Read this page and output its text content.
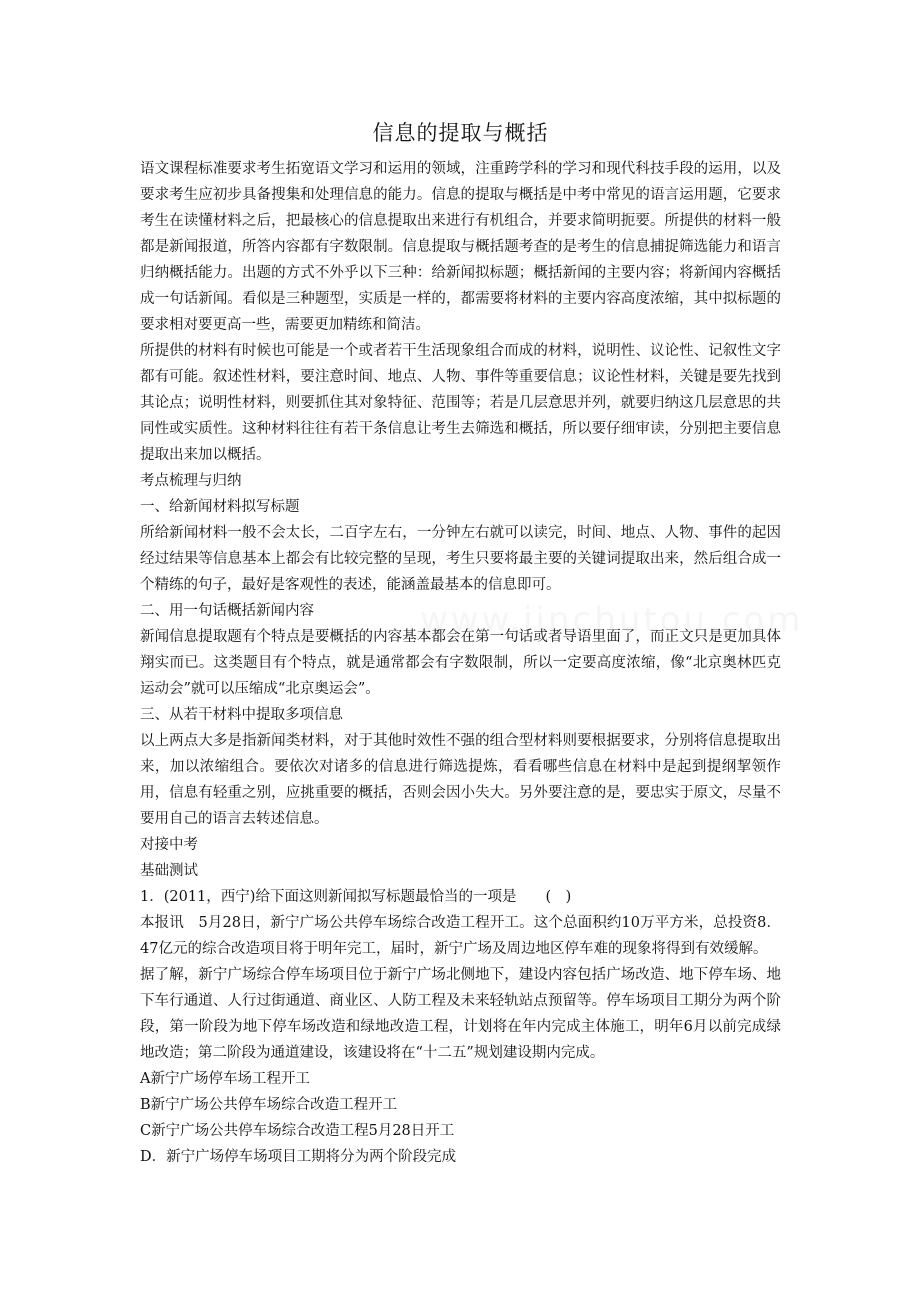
信息的提取与概括

语文课程标准要求考生拓宽语文学习和运用的领域，注重跨学科的学习和现代科技手段的运用，以及要求考生应初步具备搜集和处理信息的能力。信息的提取与概括是中考中常见的语言运用题，它要求考生在读懂材料之后，把最核心的信息提取出来进行有机组合，并要求简明扼要。所提供的材料一般都是新闻报道，所答内容都有字数限制。信息提取与概括题考查的是考生的信息捕捉筛选能力和语言归纳概括能力。出题的方式不外乎以下三种：给新闻拟标题；概括新闻的主要内容；将新闻内容概括成一句话新闻。看似是三种题型，实质是一样的，都需要将材料的主要内容高度浓缩，其中拟标题的要求相对要更高一些，需要更加精练和简洁。

所提供的材料有时候也可能是一个或者若干生活现象组合而成的材料，说明性、议论性、记叙性文字都有可能。叙述性材料，要注意时间、地点、人物、事件等重要信息；议论性材料，关键是要先找到其论点；说明性材料，则要抓住其对象特征、范围等；若是几层意思并列，就要归纳这几层意思的共同性或实质性。这种材料往往有若干条信息让考生去筛选和概括，所以要仔细审读，分别把主要信息提取出来加以概括。

考点梳理与归纳

一、给新闻材料拟写标题

所给新闻材料一般不会太长，二百字左右，一分钟左右就可以读完，时间、地点、人物、事件的起因经过结果等信息基本上都会有比较完整的呈现，考生只要将最主要的关键词提取出来，然后组合成一个精练的句子，最好是客观性的表述，能涵盖最基本的信息即可。

二、用一句话概括新闻内容

新闻信息提取题有个特点是要概括的内容基本都会在第一句话或者导语里面了，而正文只是更加具体翔实而已。这类题目有个特点，就是通常都会有字数限制，所以一定要高度浓缩，像“北京奥林匹克运动会”就可以压缩成“北京奥运会”。

三、从若干材料中提取多项信息

以上两点大多是指新闻类材料，对于其他时效性不强的组合型材料则要根据要求，分别将信息提取出来，加以浓缩组合。要依次对诸多的信息进行筛选提炼，看看哪些信息在材料中是起到提纲挈领作用，信息有轻重之别，应挑重要的概括，否则会因小失大。另外要注意的是，要忠实于原文，尽量不要用自己的语言去转述信息。

对接中考

基础测试

1．(2011，西宁)给下面这则新闻拟写标题最恰当的一项是　　(　)

本报讯　5月28日，新宁广场公共停车场综合改造工程开工。这个总面积约10万平方米，总投资8．47亿元的综合改造项目将于明年完工，届时，新宁广场及周边地区停车难的现象将得到有效缓解。

据了解，新宁广场综合停车场项目位于新宁广场北侧地下，建设内容包括广场改造、地下停车场、地下车行通道、人行过街通道、商业区、人防工程及未来轻轨站点预留等。停车场项目工期分为两个阶段，第一阶段为地下停车场改造和绿地改造工程，计划将在年内完成主体施工，明年6月以前完成绿地改造；第二阶段为通道建设，该建设将在“十二五”规划建设期内完成。

A新宁广场停车场工程开工

B新宁广场公共停车场综合改造工程开工

C新宁广场公共停车场综合改造工程5月28日开工

D．新宁广场停车场项目工期将分为两个阶段完成
